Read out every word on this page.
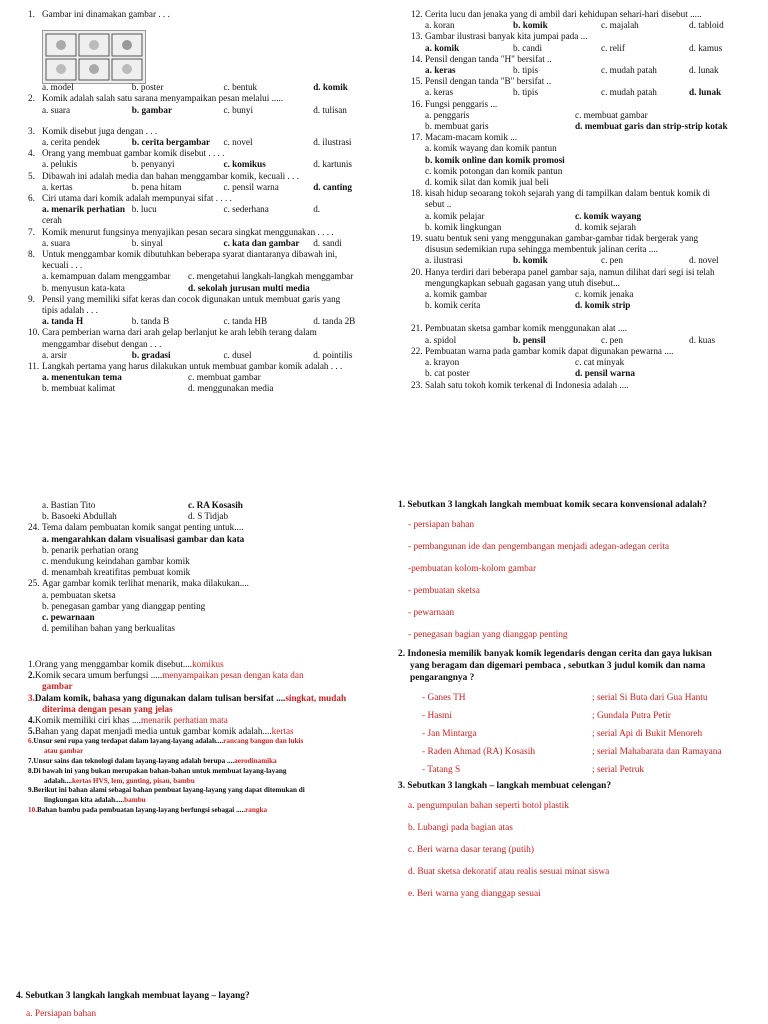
1. Gambar ini dinamakan gambar . . .
a. model	b. poster	c. bentuk	d. komik
2. Komik adalah salah satu sarana menyampaikan pesan melalui .....
a. suara	b. gambar	c. bunyi	d. tulisan
3. Komik disebut juga dengan . . .
a. cerita pendek	b. cerita bergambar	c. novel	d. ilustrasi
4. Orang yang membuat gambar komik disebut . . . .
a. pelukis	b. penyanyi	c. komikus	d. kartunis
5. Dibawah ini adalah media dan bahan menggambar komik, kecuali . . .
a. kertas	b. pena hitam	c. pensil warna	d. canting
6. Ciri utama dari komik adalah mempunyai sifat . . . .
a. menarik perhatian b. lucu	c. sederhana	d.
cerah
7. Komik menurut fungsinya menyajikan pesan secara singkat menggunakan . . . .
a. suara	b. sinyal	c. kata dan gambar	d. sandi
8. Untuk menggambar komik dibutuhkan beberapa syarat diantaranya dibawah ini,
kecuali . . .
a. kemampuan dalam menggambar	c. mengetahui langkah-langkah menggambar
b. menyusun kata-kata	d. sekolah jurusan multi media
9. Pensil yang memiliki sifat keras dan cocok digunakan untuk membuat garis yang
tipis adalah . . .
a. tanda H	b. tanda B	c. tanda HB	d. tanda 2B
10. Cara pemberian warna dari arah gelap berlanjut ke arah lebih terang dalam
menggambar disebut dengan . . .
a. arsir	b. gradasi	c. dusel	d. pointilis
11. Langkah pertama yang harus dilakukan untuk membuat gambar komik adalah . . .
a. menentukan tema	c. membuat gambar
b. membuat kalimat	d. menggunakan media
12. Cerita lucu dan jenaka yang di ambil dari kehidupan sehari-hari disebut .....
a. koran	b. komik	c. majalah	d. tabloid
13. Gambar ilustrasi banyak kita jumpai pada ...
a. komik	b. candi	c. relif	d. kamus
14. Pensil dengan tanda "H" bersifat ..
a. keras	b. tipis	c. mudah patah	d. lunak
15. Pensil dengan tanda "B" bersifat ..
a. keras	b. tipis	c. mudah patah	d. lunak
16. Fungsi penggaris ...
a. penggaris	c. membuat gambar
b. membuat garis	d. membuat garis dan strip-strip kotak
17. Macam-macam komik ...
a. komik wayang dan komik pantun
b. komik online dan komik promosi
c. komik potongan dan komik pantun
d. komik silat dan komik jual beli
18. kisah hidup seoarang tokoh sejarah yang di tampilkan dalam bentuk komik di
sebut ..
a. komik pelajar	c. komik wayang
b. komik lingkungan	d. komik sejarah
19. suatu bentuk seni yang menggunakan gambar-gambar tidak bergerak yang
disusun sedemikian rupa sehingga membentuk jalinan cerita ....
a. ilustrasi	b. komik	c. pen	d. novel
20. Hanya terdiri dari beberapa panel gambar saja, namun dilihat dari segi isi telah
mengungkapkan sebuah gagasan yang utuh disebut...
a. komik gambar	c. komik jenaka
b. komik cerita	d. komik strip
21. Pembuatan sketsa gambar komik menggunakan alat ....
a. spidol	b. pensil	c. pen	d. kuas
22. Pembuatan warna pada gambar komik dapat digunakan pewarna ....
a. krayon	c. cat minyak
b. cat poster	d. pensil warna
23. Salah satu tokoh komik terkenal di Indonesia adalah ....
a. Bastian Tito	c. RA Kosasih
b. Basoeki Abdullah	d. S Tidjab
24. Tema dalam pembuatan komik sangat penting untuk....
a. mengarahkan dalam visualisasi gambar dan kata
b. penarik perhatian orang
c. mendukung keindahan gambar komik
d. menambah kreatifitas pembuat komik
25. Agar gambar komik terlihat menarik, maka dilakukan....
a. pembuatan sketsa
b. penegasan gambar yang dianggap penting
c. pewarnaan
d. pemilihan bahan yang berkualitas
1.Orang yang menggambar komik disebut....komikus
2.Komik secara umum berfungsi .....menyampaikan pesan dengan kata dan
gambar
3.Dalam komik, bahasa yang digunakan dalam tulisan bersifat ....singkat, mudah
diterima dengan pesan yang jelas
4.Komik memiliki ciri khas ....menarik perhatian mata
5.Bahan yang dapat menjadi media untuk gambar komik adalah....kertas
6.Unsur seni rupa yang terdapat dalam layang-layang adalah....rancang bangun dan lukis
atau gambar
7.Unsur sains dan teknologi dalam layang-layang adalah berupa ....aerodinamika
8.Di bawah ini yang bukan merupakan bahan-bahan untuk membuat layang-layang
adalah....kertas HVS, lem, gunting, pisau, bambu
9.Berikut ini bahan alami sebagai bahan pembuat layang-layang yang dapat ditemukan di
lingkungan kita adalah.....bambu
10.Bahan bambu pada pembuatan layang-layang berfungsi sebagai .....rangka
1. Sebutkan 3 langkah langkah membuat komik secara konvensional adalah?
- persiapan bahan
- pembangunan ide dan pengembangan menjadi adegan-adegan cerita
-pembuatan kolom-kolom gambar
- pembuatan sketsa
- pewarnaan
- penegasan bagian yang dianggap penting
2. Indonesia memilik banyak komik legendaris dengan cerita dan gaya lukisan
yang beragam dan digemari pembaca , sebutkan 3 judul komik dan nama
pengarangnya ?
- Ganes TH	; serial Si Buta dari Gua Hantu
- Hasmi	; Gundala Putra Petir
- Jan Mintarga	; serial Api di Bukit Menoreh
- Raden Ahmad (RA) Kosasih	; serial Mahabarata dan Ramayana
- Tatang S	; serial Petruk
3. Sebutkan 3 langkah – langkah membuat celengan?
a. pengumpulan bahan seperti botol plastik
b. Lubangi pada bagian atas
c. Beri warna dasar terang (putih)
d. Buat sketsa dekoratif atau realis sesuai minat siswa
e. Beri warna yang dianggap sesuai
4. Sebutkan 3 langkah langkah membuat layang – layang?
a. Persiapan bahan
